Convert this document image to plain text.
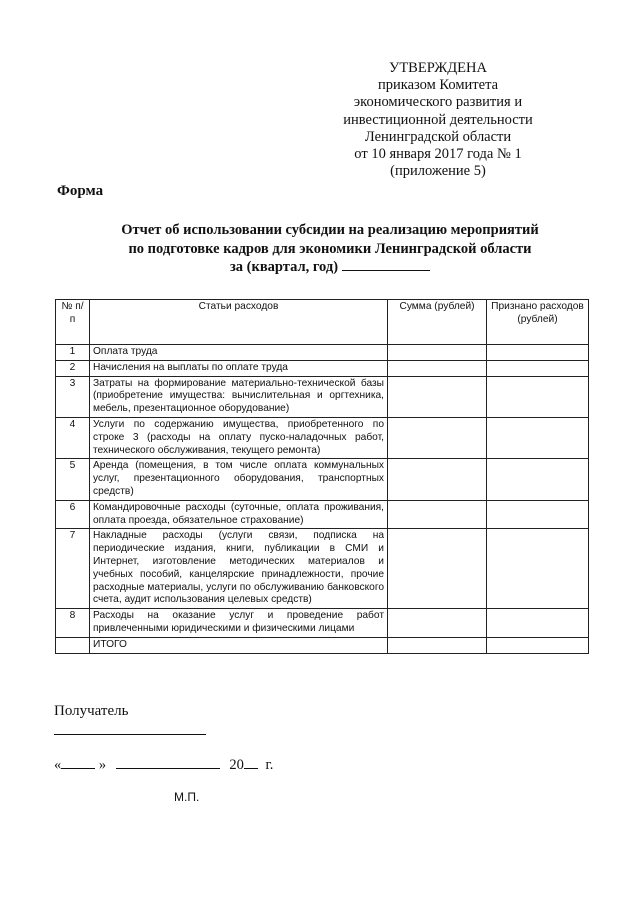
УТВЕРЖДЕНА
приказом Комитета
экономического развития и
инвестиционной деятельности
Ленинградской области
от 10 января 2017 года № 1
(приложение 5)
Форма
Отчет об использовании субсидии на реализацию мероприятий
по подготовке кадров для экономики Ленинградской области
за (квартал, год)
№ п/п	Статьи расходов	Сумма (рублей)	Признано расходов (рублей)
1	Оплата труда		
2	Начисления на выплаты по оплате труда		
3	Затраты на формирование материально-технической базы (приобретение имущества: вычислительная и оргтехника, мебель, презентационное оборудование)		
4	Услуги по содержанию имущества, приобретенного по строке 3 (расходы на оплату пуско-наладочных работ, технического обслуживания, текущего ремонта)		
5	Аренда (помещения, в том числе оплата коммунальных услуг, презентационного оборудования, транспортных средств)		
6	Командировочные расходы (суточные, оплата проживания, оплата проезда, обязательное страхование)		
7	Накладные расходы (услуги связи, подписка на периодические издания, книги, публикации в СМИ и Интернет, изготовление методических материалов и учебных пособий, канцелярские принадлежности, прочие расходные материалы, услуги по обслуживанию банковского счета, аудит использования целевых средств)		
8	Расходы на оказание услуг и проведение работ привлеченными юридическими и физическими лицами		
	ИТОГО		
Получатель
«	»	20 г.
М.П.
